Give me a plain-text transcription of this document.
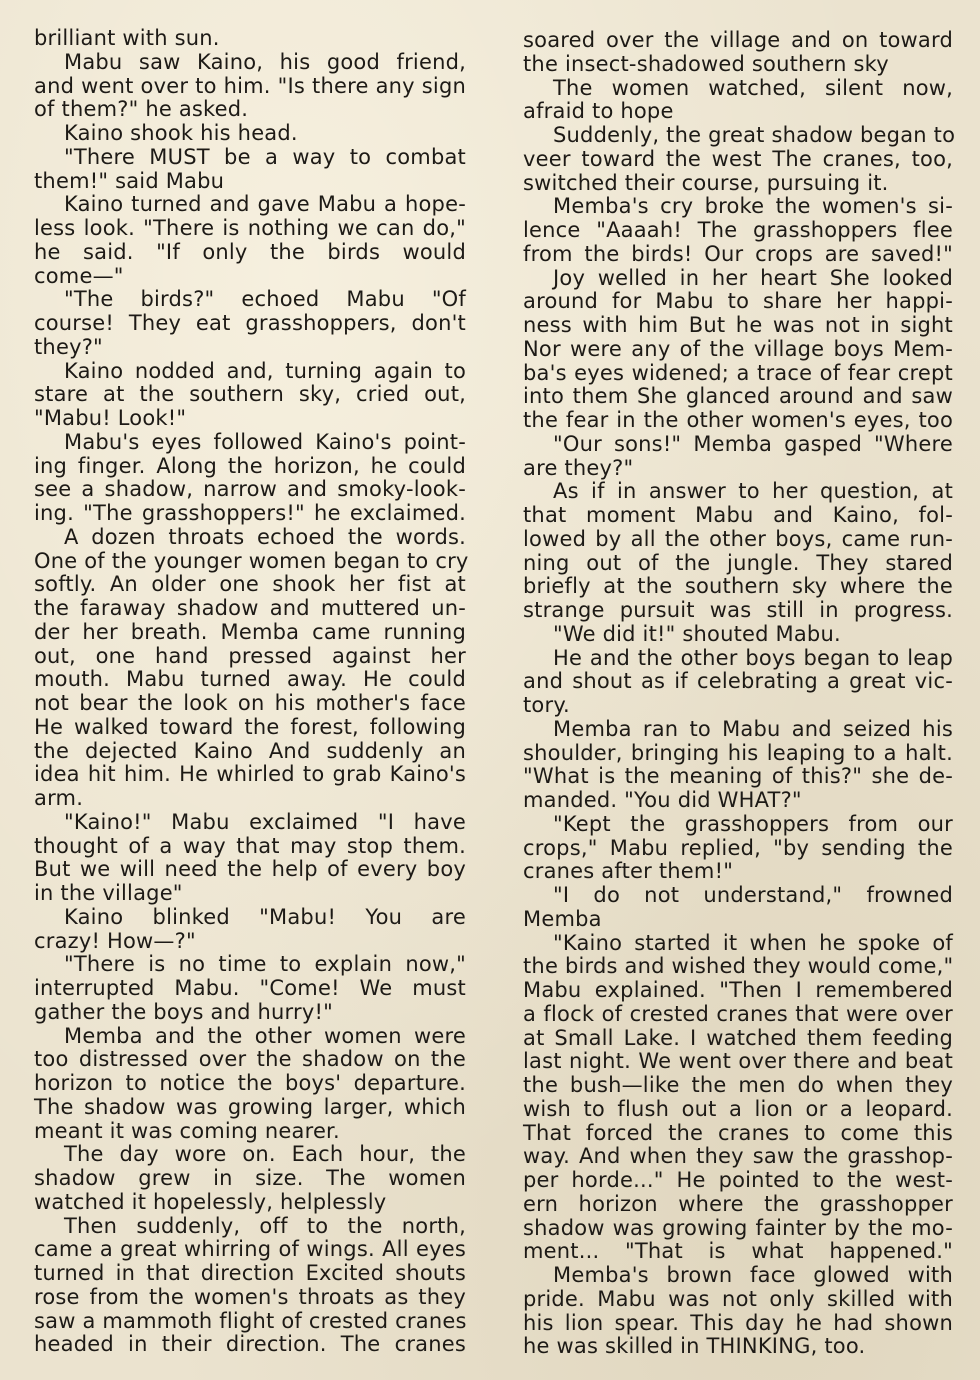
brilliant with sun.
Mabu saw Kaino, his good friend,
and went over to him. "Is there any sign
of them?" he asked.
Kaino shook his head.
"There MUST be a way to combat
them!" said Mabu
Kaino turned and gave Mabu a hope-
less look. "There is nothing we can do,"
he said. "If only the birds would
come—"
"The birds?" echoed Mabu "Of
course! They eat grasshoppers, don't
they?"
Kaino nodded and, turning again to
stare at the southern sky, cried out,
"Mabu! Look!"
Mabu's eyes followed Kaino's point-
ing finger. Along the horizon, he could
see a shadow, narrow and smoky-look-
ing. "The grasshoppers!" he exclaimed.
A dozen throats echoed the words.
One of the younger women began to cry
softly. An older one shook her fist at
the faraway shadow and muttered un-
der her breath. Memba came running
out, one hand pressed against her
mouth. Mabu turned away. He could
not bear the look on his mother's face
He walked toward the forest, following
the dejected Kaino And suddenly an
idea hit him. He whirled to grab Kaino's
arm.
"Kaino!" Mabu exclaimed "I have
thought of a way that may stop them.
But we will need the help of every boy
in the village"
Kaino blinked "Mabu! You are
crazy! How—?"
"There is no time to explain now,"
interrupted Mabu. "Come! We must
gather the boys and hurry!"
Memba and the other women were
too distressed over the shadow on the
horizon to notice the boys' departure.
The shadow was growing larger, which
meant it was coming nearer.
The day wore on. Each hour, the
shadow grew in size. The women
watched it hopelessly, helplessly
Then suddenly, off to the north,
came a great whirring of wings. All eyes
turned in that direction Excited shouts
rose from the women's throats as they
saw a mammoth flight of crested cranes
headed in their direction. The cranes
soared over the village and on toward
the insect-shadowed southern sky
The women watched, silent now,
afraid to hope
Suddenly, the great shadow began to
veer toward the west The cranes, too,
switched their course, pursuing it.
Memba's cry broke the women's si-
lence "Aaaah! The grasshoppers flee
from the birds! Our crops are saved!"
Joy welled in her heart She looked
around for Mabu to share her happi-
ness with him But he was not in sight
Nor were any of the village boys Mem-
ba's eyes widened; a trace of fear crept
into them She glanced around and saw
the fear in the other women's eyes, too
"Our sons!" Memba gasped "Where
are they?"
As if in answer to her question, at
that moment Mabu and Kaino, fol-
lowed by all the other boys, came run-
ning out of the jungle. They stared
briefly at the southern sky where the
strange pursuit was still in progress.
"We did it!" shouted Mabu.
He and the other boys began to leap
and shout as if celebrating a great vic-
tory.
Memba ran to Mabu and seized his
shoulder, bringing his leaping to a halt.
"What is the meaning of this?" she de-
manded. "You did WHAT?"
"Kept the grasshoppers from our
crops," Mabu replied, "by sending the
cranes after them!"
"I do not understand," frowned
Memba
"Kaino started it when he spoke of
the birds and wished they would come,"
Mabu explained. "Then I remembered
a flock of crested cranes that were over
at Small Lake. I watched them feeding
last night. We went over there and beat
the bush—like the men do when they
wish to flush out a lion or a leopard.
That forced the cranes to come this
way. And when they saw the grasshop-
per horde..." He pointed to the west-
ern horizon where the grasshopper
shadow was growing fainter by the mo-
ment... "That is what happened."
Memba's brown face glowed with
pride. Mabu was not only skilled with
his lion spear. This day he had shown
he was skilled in THINKING, too.
